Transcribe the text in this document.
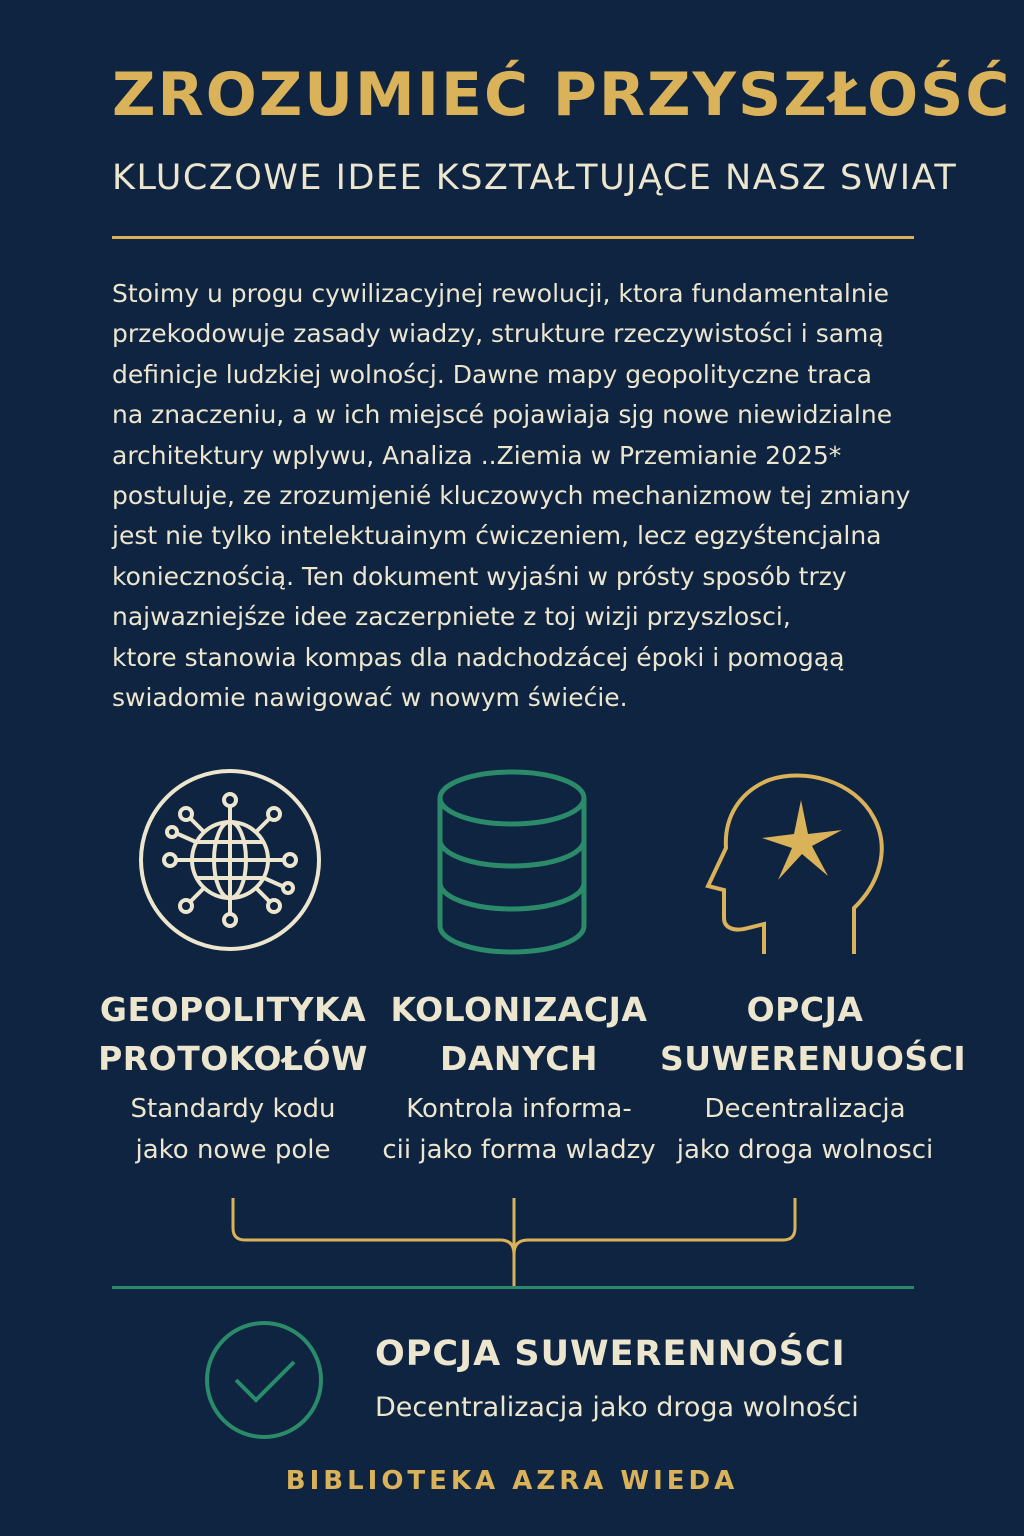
ZROZUMIEĆ PRZYSZŁOŚĆ
KLUCZOWE IDEE KSZTAŁTUJĄCE NASZ SWIAT
Stoimy u progu cywilizacyjnej rewolucji, ktora fundamentalnie
przekodowuje zasady wiadzy, strukture rzeczywistości i samą
definicje ludzkiej wolnoścj. Dawne mapy geopolityczne traca
na znaczeniu, a w ich miejscé pojawiaja sjg nowe niewidzialne
architektury wplywu, Analiza ..Ziemia w Przemianie 2025*
postuluje, ze zrozumjenié kluczowych mechanizmow tej zmiany
jest nie tylko intelektuainym ćwiczeniem, lecz egzyśtencjalna
koniecznością. Ten dokument wyjaśni w prósty sposób trzy
najwazniejśze idee zaczerpniete z toj wizji przyszlosci,
ktore stanowia kompas dla nadchodzácej époki i pomogąą
swiadomie nawigować w nowym świećie.
GEOPOLITYKA
PROTOKOŁÓW
Standardy kodu
jako nowe pole
KOLONIZACJA
DANYCH
Kontrola informa-
cii jako forma wladzy
OPCJA
SUWERENUOŚCI
Decentralizacja
jako droga wolnosci
OPCJA SUWERENNOŚCI
Decentralizacja jako droga wolności
BIBLIOTEKA AZRA WIEDA
